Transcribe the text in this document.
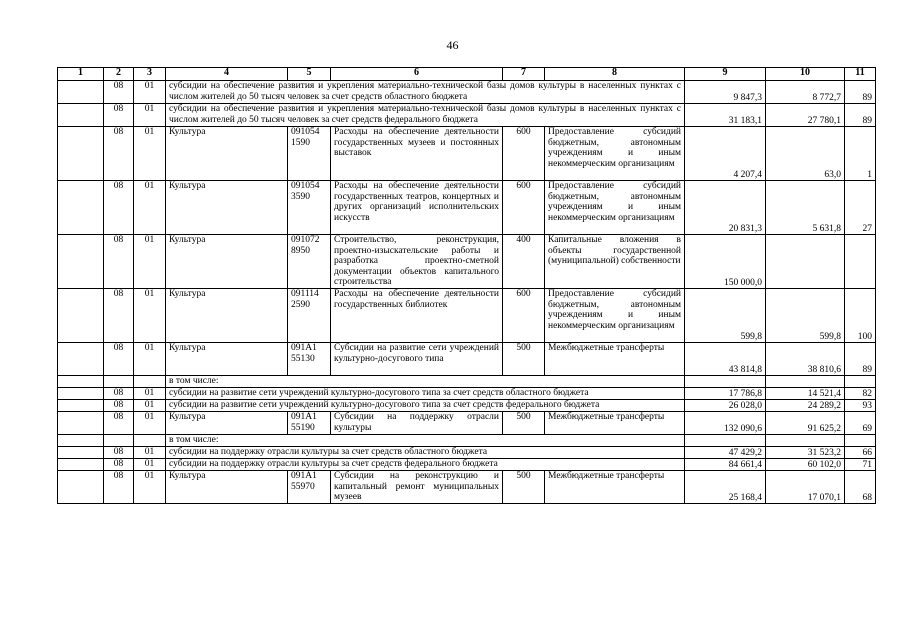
46
1	2	3	4	5	6	7	8	9	10	11
	08	01	субсидии на обеспечение развития и укрепления материально-технической базы домов культуры в населенных пунктах с числом жителей до 50 тысяч человек за счет средств областного бюджета					9 847,3	8 772,7	89
	08	01	субсидии на обеспечение развития и укрепления материально-технической базы домов культуры в населенных пунктах с числом жителей до 50 тысяч человек за счет средств федерального бюджета					31 183,1	27 780,1	89
	08	01	Культура	091054 1590	Расходы на обеспечение деятельности государственных музеев и постоянных выставок	600	Предоставление субсидий бюджетным, автономным учреждениям и иным некоммерческим организациям	4 207,4	63,0	1
	08	01	Культура	091054 3590	Расходы на обеспечение деятельности государственных театров, концертных и других организаций исполнительских искусств	600	Предоставление субсидий бюджетным, автономным учреждениям и иным некоммерческим организациям	20 831,3	5 631,8	27
	08	01	Культура	091072 8950	Строительство, реконструкция, проектно-изыскательские работы и разработка проектно-сметной документации объектов капитального строительства	400	Капитальные вложения в объекты государственной (муниципальной) собственности	150 000,0		
	08	01	Культура	091114 2590	Расходы на обеспечение деятельности государственных библиотек	600	Предоставление субсидий бюджетным, автономным учреждениям и иным некоммерческим организациям	599,8	599,8	100
	08	01	Культура	091А1 55130	Субсидии на развитие сети учреждений культурно-досугового типа	500	Межбюджетные трансферты	43 814,8	38 810,6	89
			в том числе:							
	08	01	субсидии на развитие сети учреждений культурно-досугового типа за счет средств областного бюджета					17 786,8	14 521,4	82
	08	01	субсидии на развитие сети учреждений культурно-досугового типа за счет средств федерального бюджета					26 028,0	24 289,2	93
	08	01	Культура	091А1 55190	Субсидии на поддержку отрасли культуры	500	Межбюджетные трансферты	132 090,6	91 625,2	69
			в том числе:							
	08	01	субсидии на поддержку отрасли культуры за счет средств областного бюджета					47 429,2	31 523,2	66
	08	01	субсидии на поддержку отрасли культуры за счет средств федерального бюджета					84 661,4	60 102,0	71
	08	01	Культура	091А1 55970	Субсидии на реконструкцию и капитальный ремонт муниципальных музеев	500	Межбюджетные трансферты	25 168,4	17 070,1	68
